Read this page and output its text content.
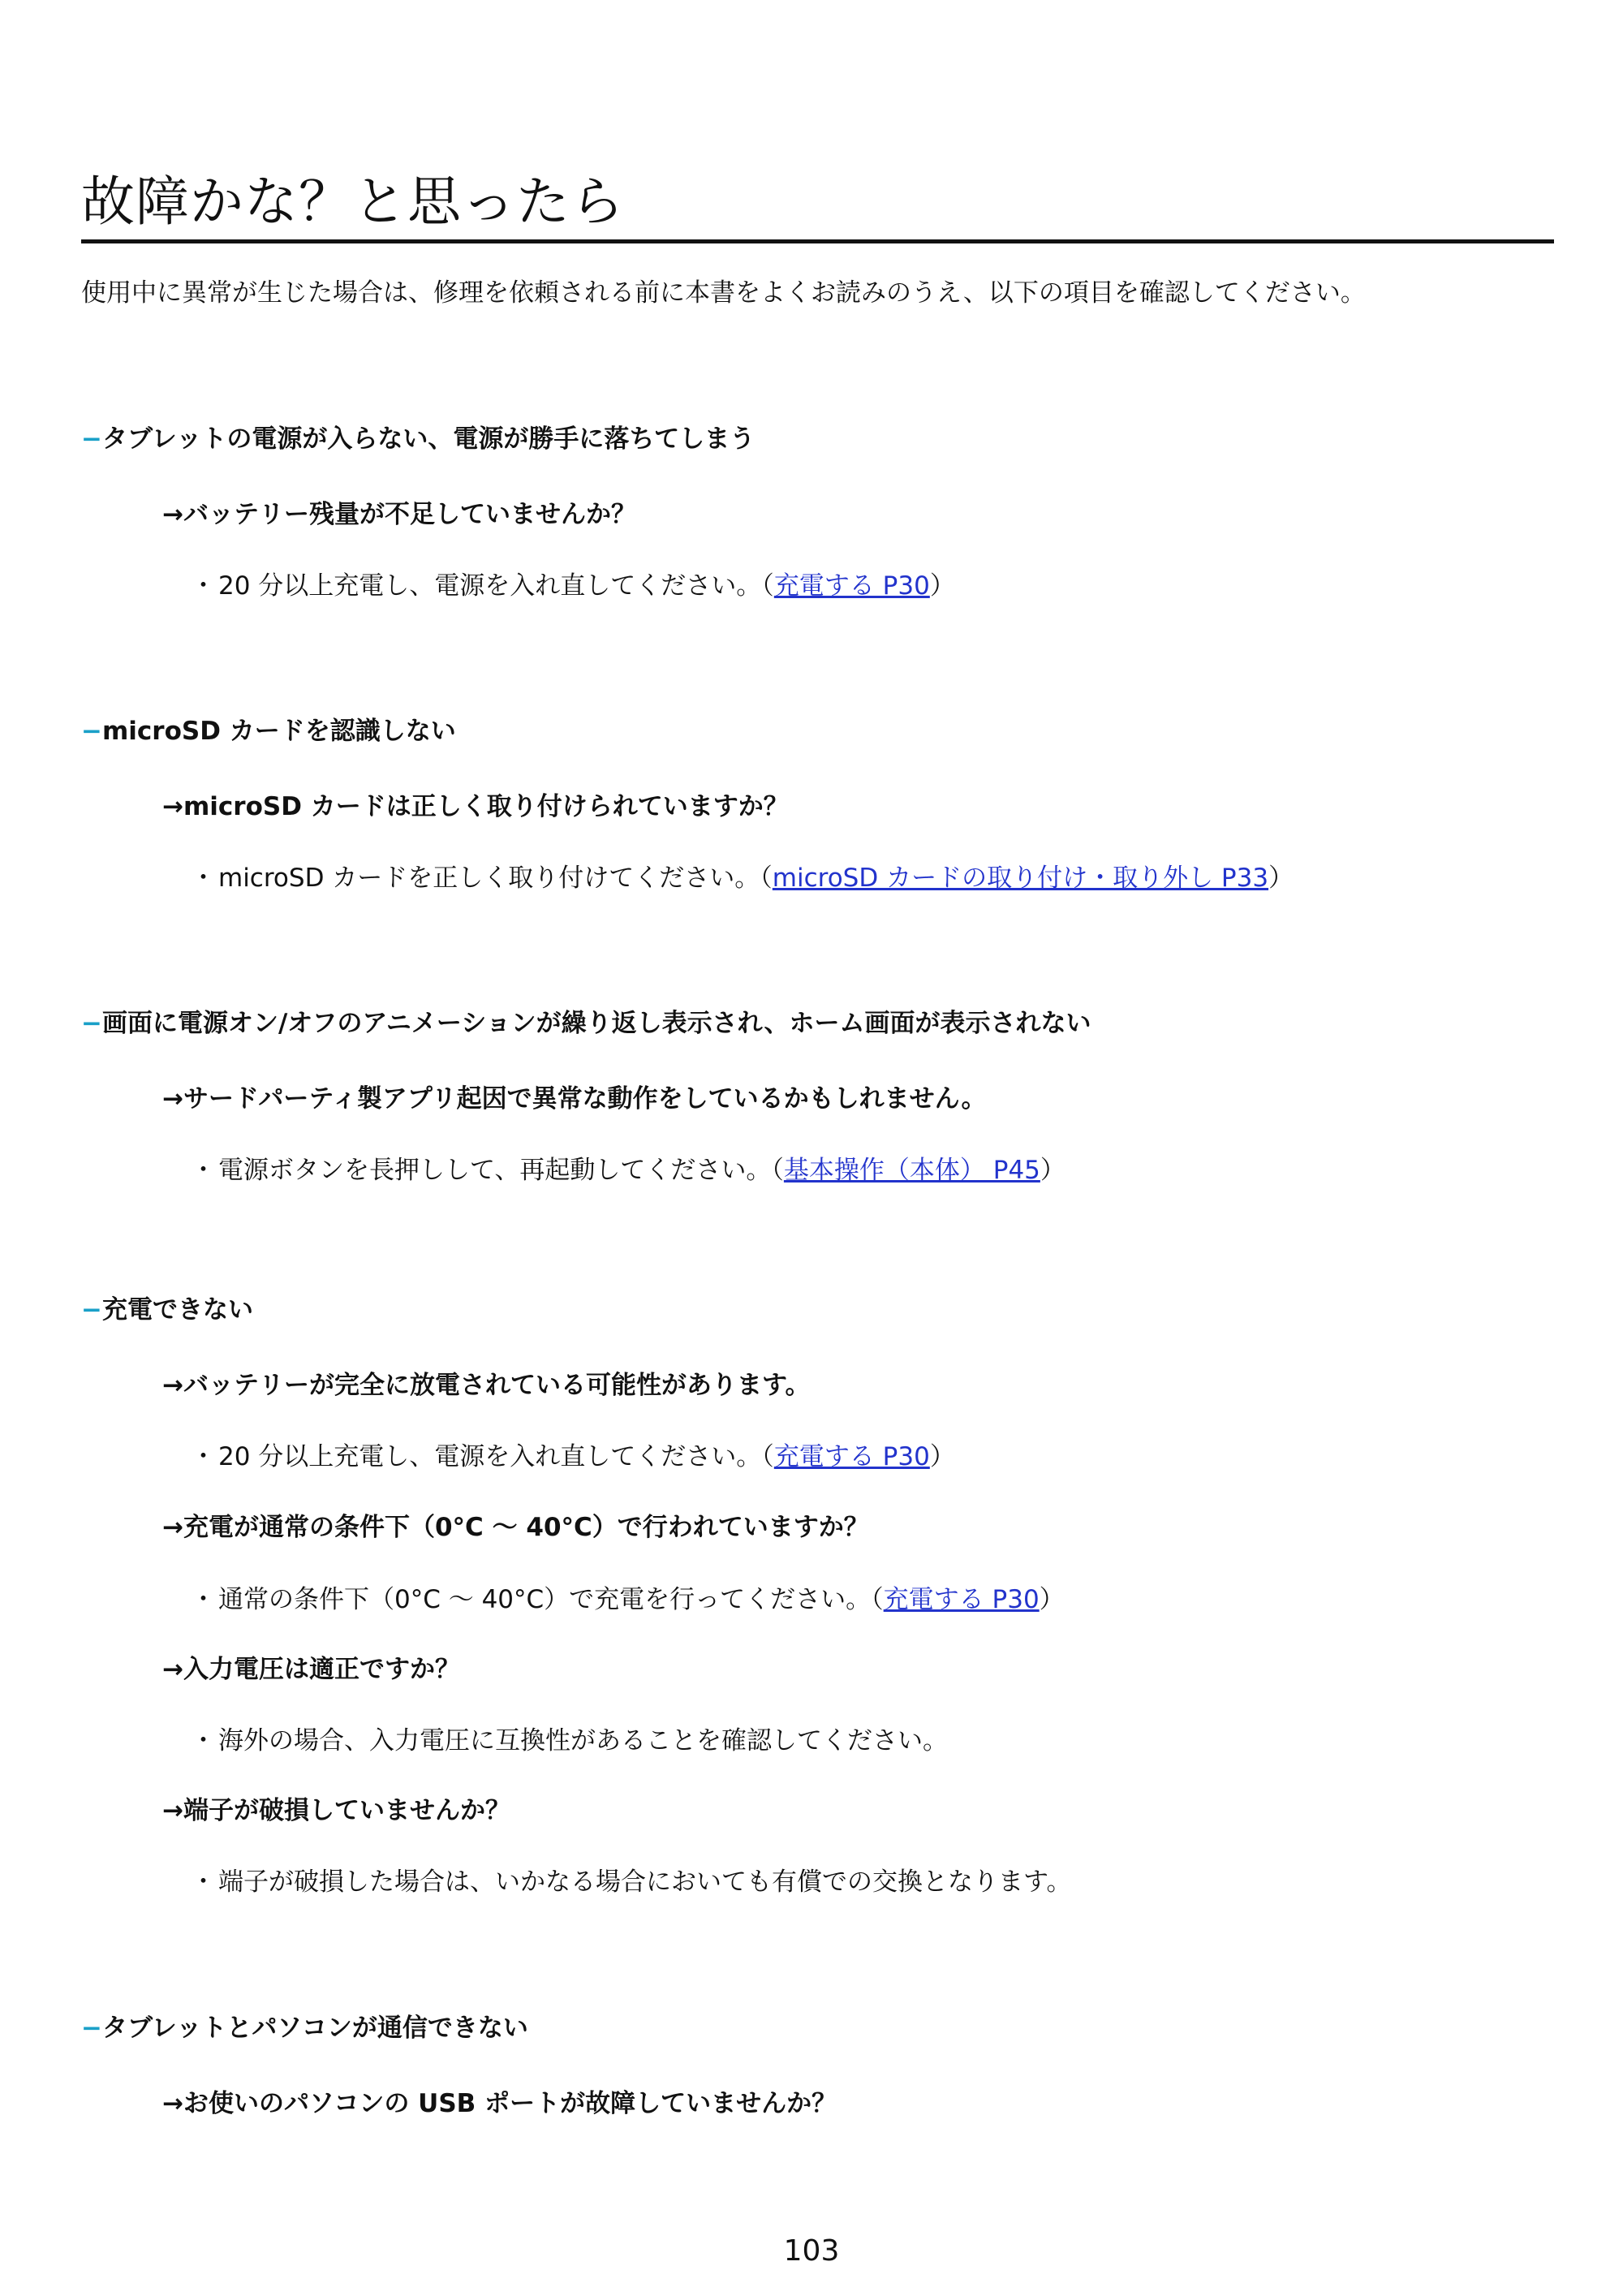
故障かな？と思ったら
使用中に異常が生じた場合は、修理を依頼される前に本書をよくお読みのうえ、以下の項目を確認してください。
−タブレットの電源が入らない、電源が勝手に落ちてしまう
→バッテリー残量が不足していませんか？
・20 分以上充電し、電源を入れ直してください。（充電する P30）
−microSD カードを認識しない
→microSD カードは正しく取り付けられていますか？
・microSD カードを正しく取り付けてください。（microSD カードの取り付け・取り外し P33）
−画面に電源オン/オフのアニメーションが繰り返し表示され、ホーム画面が表示されない
→サードパーティ製アプリ起因で異常な動作をしているかもしれません。
・電源ボタンを長押しして、再起動してください。（基本操作（本体） P45）
−充電できない
→バッテリーが完全に放電されている可能性があります。
・20 分以上充電し、電源を入れ直してください。（充電する P30）
→充電が通常の条件下（0°C ～ 40°C）で行われていますか？
・通常の条件下（0°C ～ 40°C）で充電を行ってください。（充電する P30）
→入力電圧は適正ですか？
・海外の場合、入力電圧に互換性があることを確認してください。
→端子が破損していませんか？
・端子が破損した場合は、いかなる場合においても有償での交換となります。
−タブレットとパソコンが通信できない
→お使いのパソコンの USB ポートが故障していませんか？
103
